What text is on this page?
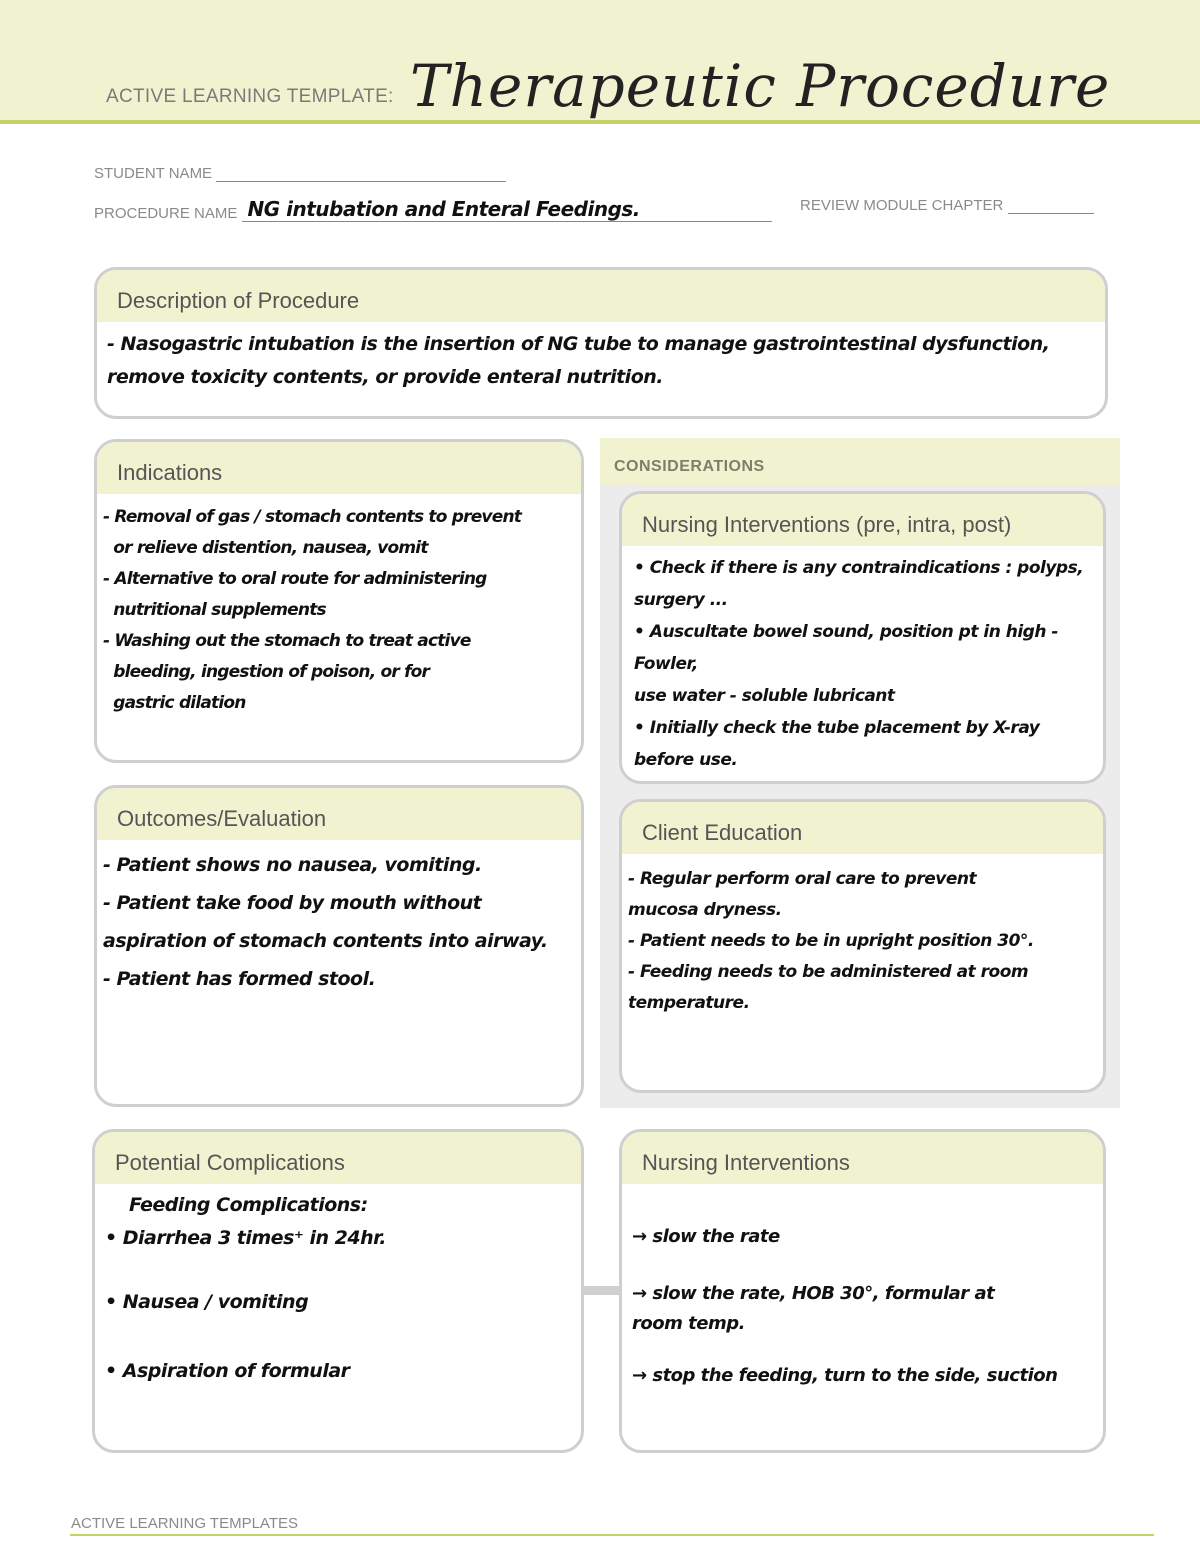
ACTIVE LEARNING TEMPLATE: Therapeutic Procedure
STUDENT NAME
PROCEDURE NAME NG intubation and Enteral Feedings.	REVIEW MODULE CHAPTER
Description of Procedure

- Nasogastric intubation is the insertion of NG tube to manage gastrointestinal dysfunction,

remove toxicity contents, or provide enteral nutrition.

Indications

- Removal of gas / stomach contents to prevent

or relieve distention, nausea, vomit

- Alternative to oral route for administering

nutritional supplements

- Washing out the stomach to treat active

bleeding, ingestion of poison, or for

gastric dilation

Outcomes/Evaluation

- Patient shows no nausea, vomiting.

- Patient take food by mouth without

aspiration of stomach contents into airway.

- Patient has formed stool.

CONSIDERATIONS
Nursing Interventions (pre, intra, post)

• Check if there is any contraindications : polyps,

surgery ...

• Auscultate bowel sound, position pt in high - Fowler,

use water - soluble lubricant

• Initially check the tube placement by X-ray

before use.

Client Education

- Regular perform oral care to prevent

mucosa dryness.

- Patient needs to be in upright position 30°.

- Feeding needs to be administered at room

temperature.

Potential Complications

Feeding Complications:

• Diarrhea 3 times⁺ in 24hr.

• Nausea / vomiting

• Aspiration of formular

Nursing Interventions

→ slow the rate

→ slow the rate, HOB 30°, formular at

room temp.

→ stop the feeding, turn to the side, suction

ACTIVE LEARNING TEMPLATES
